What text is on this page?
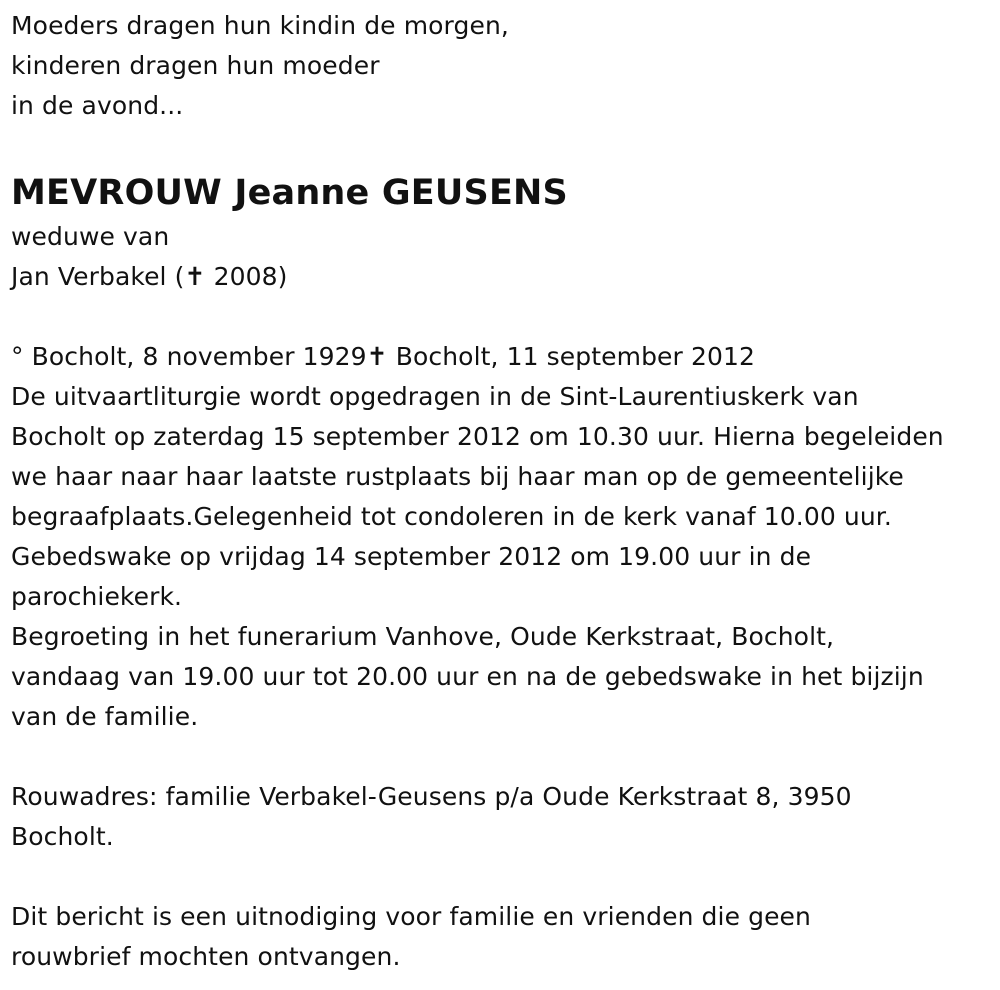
Moeders dragen hun kindin de morgen,
kinderen dragen hun moeder
in de avond...
MEVROUW Jeanne GEUSENS
weduwe van
Jan Verbakel (✝ 2008)
° Bocholt, 8 november 1929✝ Bocholt, 11 september 2012
De uitvaartliturgie wordt opgedragen in de Sint-Laurentiuskerk van
Bocholt op zaterdag 15 september 2012 om 10.30 uur. Hierna begeleiden
we haar naar haar laatste rustplaats bij haar man op de gemeentelijke
begraafplaats.Gelegenheid tot condoleren in de kerk vanaf 10.00 uur.
Gebedswake op vrijdag 14 september 2012 om 19.00 uur in de
parochiekerk.
Begroeting in het funerarium Vanhove, Oude Kerkstraat, Bocholt,
vandaag van 19.00 uur tot 20.00 uur en na de gebedswake in het bijzijn
van de familie.
Rouwadres: familie Verbakel-Geusens p/a Oude Kerkstraat 8, 3950
Bocholt.
Dit bericht is een uitnodiging voor familie en vrienden die geen
rouwbrief mochten ontvangen.
